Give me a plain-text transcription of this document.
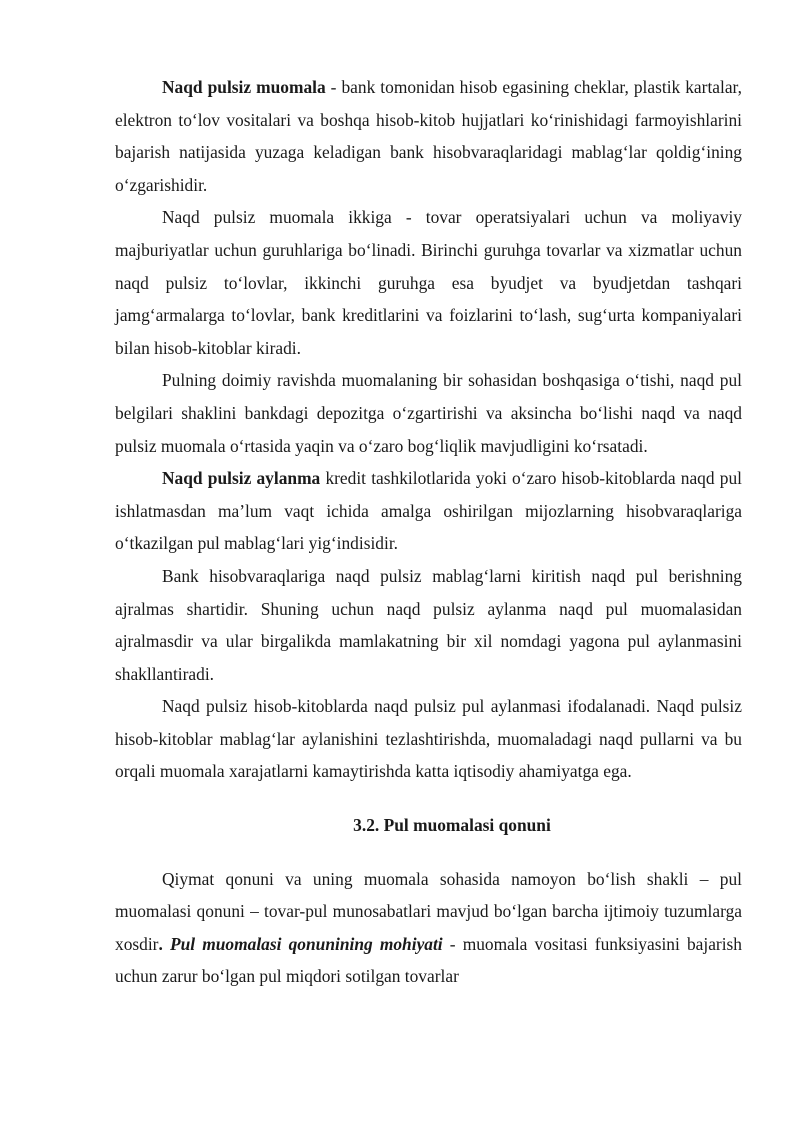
Naqd pulsiz muomala - bank tomonidan hisob egasining cheklar, plastik kartalar, elektron to‘lov vositalari va boshqa hisob-kitob hujjatlari ko‘rinishidagi farmoyishlarini bajarish natijasida yuzaga keladigan bank hisobvaraqlaridagi mablag‘lar qoldig‘ining o‘zgarishidir.

Naqd pulsiz muomala ikkiga - tovar operatsiyalari uchun va moliyaviy majburiyatlar uchun guruhlariga bo‘linadi. Birinchi guruhga tovarlar va xizmatlar uchun naqd pulsiz to‘lovlar, ikkinchi guruhga esa byudjet va byudjetdan tashqari jamg‘armalarga to‘lovlar, bank kreditlarini va foizlarini to‘lash, sug‘urta kompaniyalari bilan hisob-kitoblar kiradi.

Pulning doimiy ravishda muomalaning bir sohasidan boshqasiga o‘tishi, naqd pul belgilari shaklini bankdagi depozitga o‘zgartirishi va aksincha bo‘lishi naqd va naqd pulsiz muomala o‘rtasida yaqin va o‘zaro bog‘liqlik mavjudligini ko‘rsatadi.

Naqd pulsiz aylanma kredit tashkilotlarida yoki o‘zaro hisob-kitoblarda naqd pul ishlatmasdan ma’lum vaqt ichida amalga oshirilgan mijozlarning hisobvaraqlariga o‘tkazilgan pul mablag‘lari yig‘indisidir.

Bank hisobvaraqlariga naqd pulsiz mablag‘larni kiritish naqd pul berishning ajralmas shartidir. Shuning uchun naqd pulsiz aylanma naqd pul muomalasidan ajralmasdir va ular birgalikda mamlakatning bir xil nomdagi yagona pul aylanmasini shakllantiradi.

Naqd pulsiz hisob-kitoblarda naqd pulsiz pul aylanmasi ifodalanadi. Naqd pulsiz hisob-kitoblar mablag‘lar aylanishini tezlashtirishda, muomaladagi naqd pullarni va bu orqali muomala xarajatlarni kamaytirishda katta iqtisodiy ahamiyatga ega.

3.2. Pul muomalasi qonuni

Qiymat qonuni va uning muomala sohasida namoyon bo‘lish shakli – pul muomalasi qonuni – tovar-pul munosabatlari mavjud bo‘lgan barcha ijtimoiy tuzumlarga xosdir. Pul muomalasi qonunining mohiyati - muomala vositasi funksiyasini bajarish uchun zarur bo‘lgan pul miqdori sotilgan tovarlar
